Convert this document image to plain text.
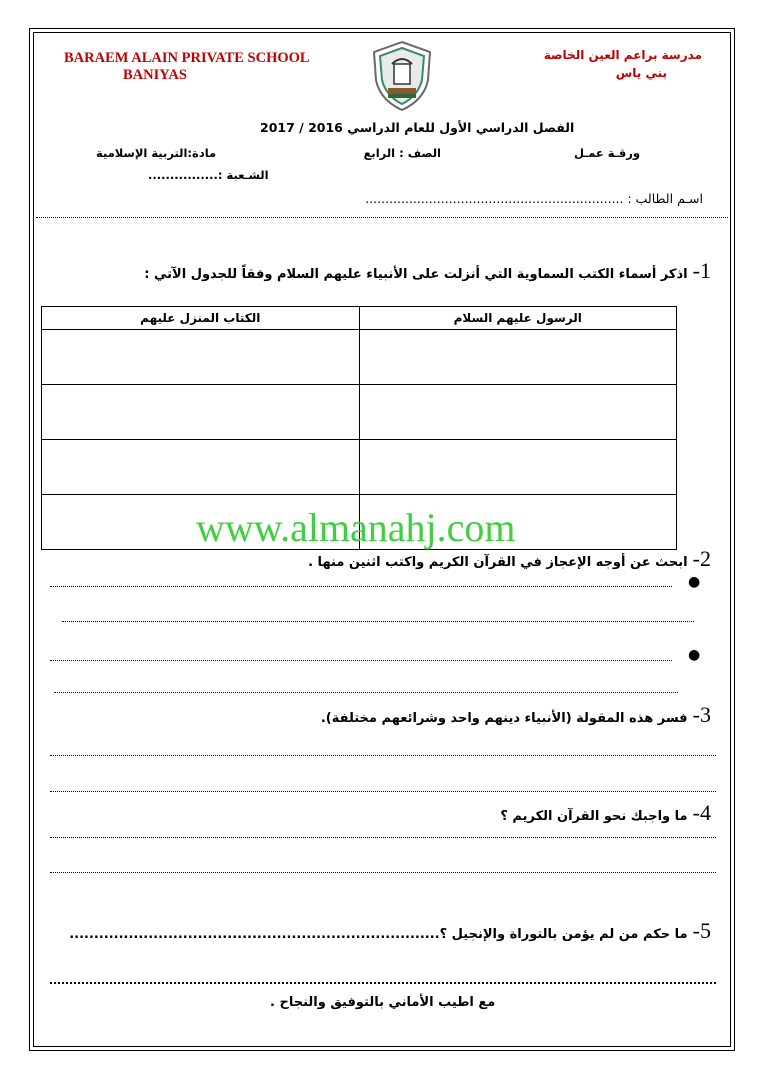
BARAEM ALAIN PRIVATE SCHOOL
BANIYAS
مدرسة براعم العين الخاصة
بني ياس
الفصل الدراسي الأول للعام الدراسي 2016 / 2017
ورقـة عمـل
الصف : الرابع
مادة:التربية الإسلامية
الشـعبة :................
اسـم الطالب : .................................................................
1- اذكر أسماء الكتب السماوية التي أنزلت على الأنبياء عليهم السلام وفقاً للجدول الآتي :
الرسول عليهم السلام	الكتاب المنزل عليهم

www.almanahj.com
2- ابحث عن أوجه الإعجاز في القرآن الكريم واكتب اثنين منها .
●
●
3- فسر هذه المقولة (الأنبياء دينهم واحد وشرائعهم مختلفة).
4- ما واجبك نحو القرآن الكريم ؟
5- ما حكم من لم يؤمن بالتوراة والإنجيل ؟...........................................................................
مع اطيب الأماني بالتوفيق والنجاح .
